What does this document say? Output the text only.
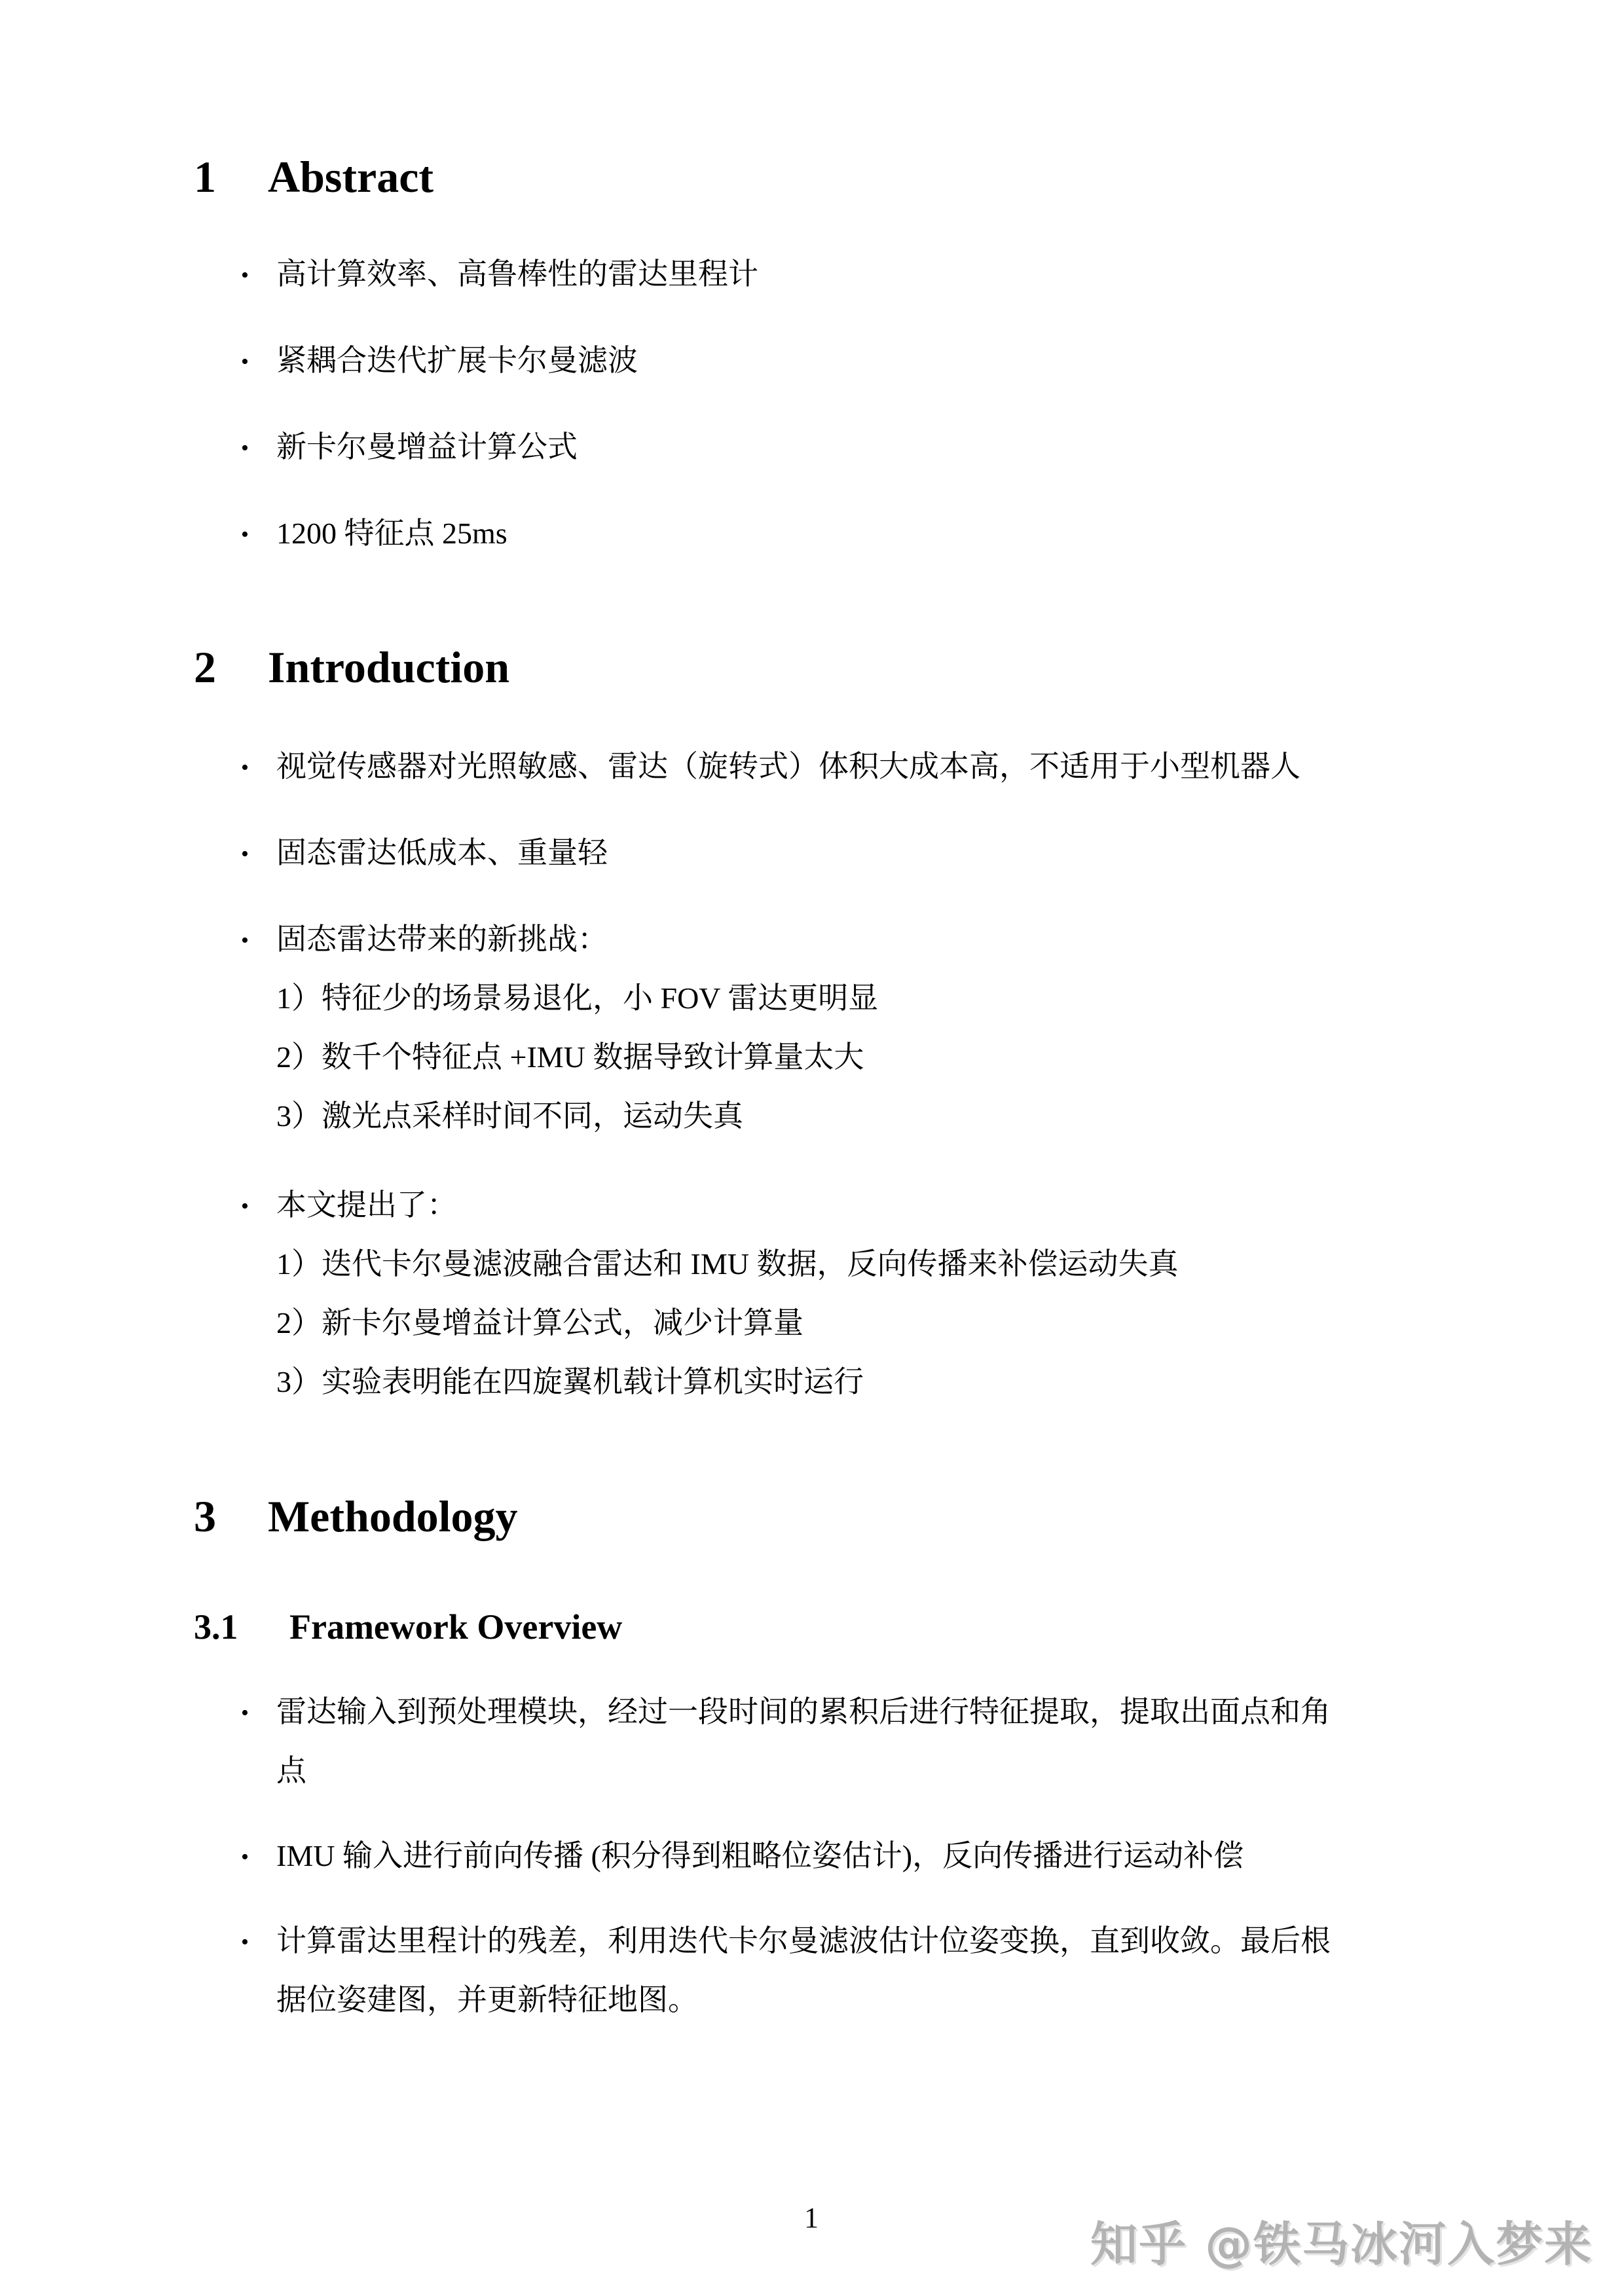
1 Abstract
• 高计算效率、高鲁棒性的雷达里程计
• 紧耦合迭代扩展卡尔曼滤波
• 新卡尔曼增益计算公式
• 1200 特征点 25ms
2 Introduction
• 视觉传感器对光照敏感、雷达（旋转式）体积大成本高，不适用于小型机器人
• 固态雷达低成本、重量轻
• 固态雷达带来的新挑战：
1）特征少的场景易退化，小 FOV 雷达更明显
2）数千个特征点 +IMU 数据导致计算量太大
3）激光点采样时间不同，运动失真
• 本文提出了：
1）迭代卡尔曼滤波融合雷达和 IMU 数据，反向传播来补偿运动失真
2）新卡尔曼增益计算公式，减少计算量
3）实验表明能在四旋翼机载计算机实时运行
3 Methodology
3.1 Framework Overview
• 雷达输入到预处理模块，经过一段时间的累积后进行特征提取，提取出面点和角
点
• IMU 输入进行前向传播 (积分得到粗略位姿估计)，反向传播进行运动补偿
• 计算雷达里程计的残差，利用迭代卡尔曼滤波估计位姿变换，直到收敛。最后根
据位姿建图，并更新特征地图。
1	知乎 @铁马冰河入梦来
